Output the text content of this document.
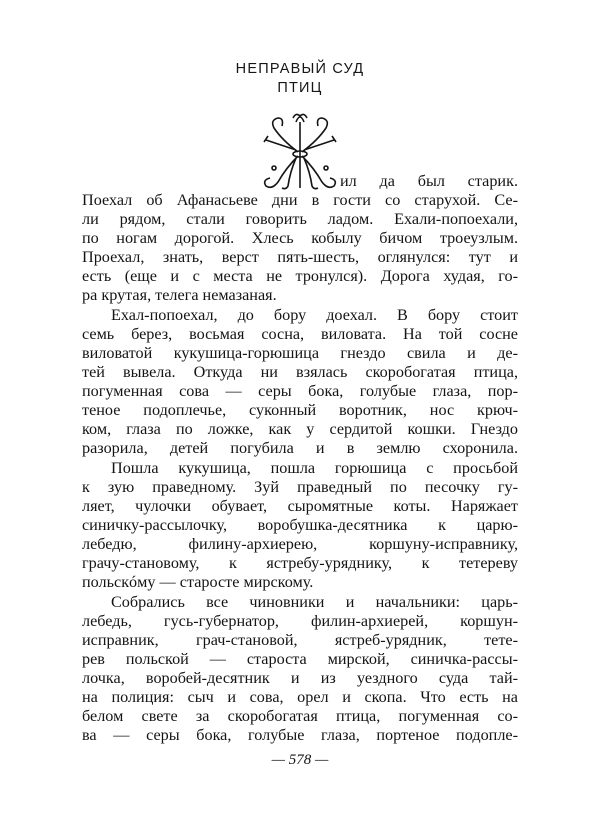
НЕПРАВЫЙ СУД
ПТИЦ
ил да был старик.
Поехал об Афанасьеве дни в гости со старухой. Се-
ли рядом, стали говорить ладом. Ехали-попоехали,
по ногам дорогой. Хлесь кобылу бичом троеузлым.
Проехал, знать, верст пять-шесть, оглянулся: тут и
есть (еще и с места не тронулся). Дорога худая, го-
ра крутая, телега немазаная.
Ехал-попоехал, до бору доехал. В бору стоит
семь берез, восьмая сосна, виловата. На той сосне
виловатой кукушица-горюшица гнездо свила и де-
тей вывела. Откуда ни взялась скоробогатая птица,
погуменная сова — серы бока, голубые глаза, пор-
теное подоплечье, суконный воротник, нос крюч-
ком, глаза по ложке, как у сердитой кошки. Гнездо
разорила, детей погубила и в землю схоронила.
Пошла кукушица, пошла горюшица с просьбой
к зую праведному. Зуй праведный по песочку гу-
ляет, чулочки обувает, сыромятные коты. Наряжает
синичку-рассылочку, воробушка-десятника к царю-
лебедю, филину-архиерею, коршуну-исправнику,
грачу-становому, к ястребу-уряднику, к тетереву
польскóму — старосте мирскому.
Собрались все чиновники и начальники: царь-
лебедь, гусь-губернатор, филин-архиерей, коршун-
исправник, грач-становой, ястреб-урядник, тете-
рев польской — староста мирской, синичка-рассы-
лочка, воробей-десятник и из уездного суда тай-
на полиция: сыч и сова, орел и скопа. Что есть на
белом свете за скоробогатая птица, погуменная со-
ва — серы бока, голубые глаза, портеное подопле-
— 578 —
